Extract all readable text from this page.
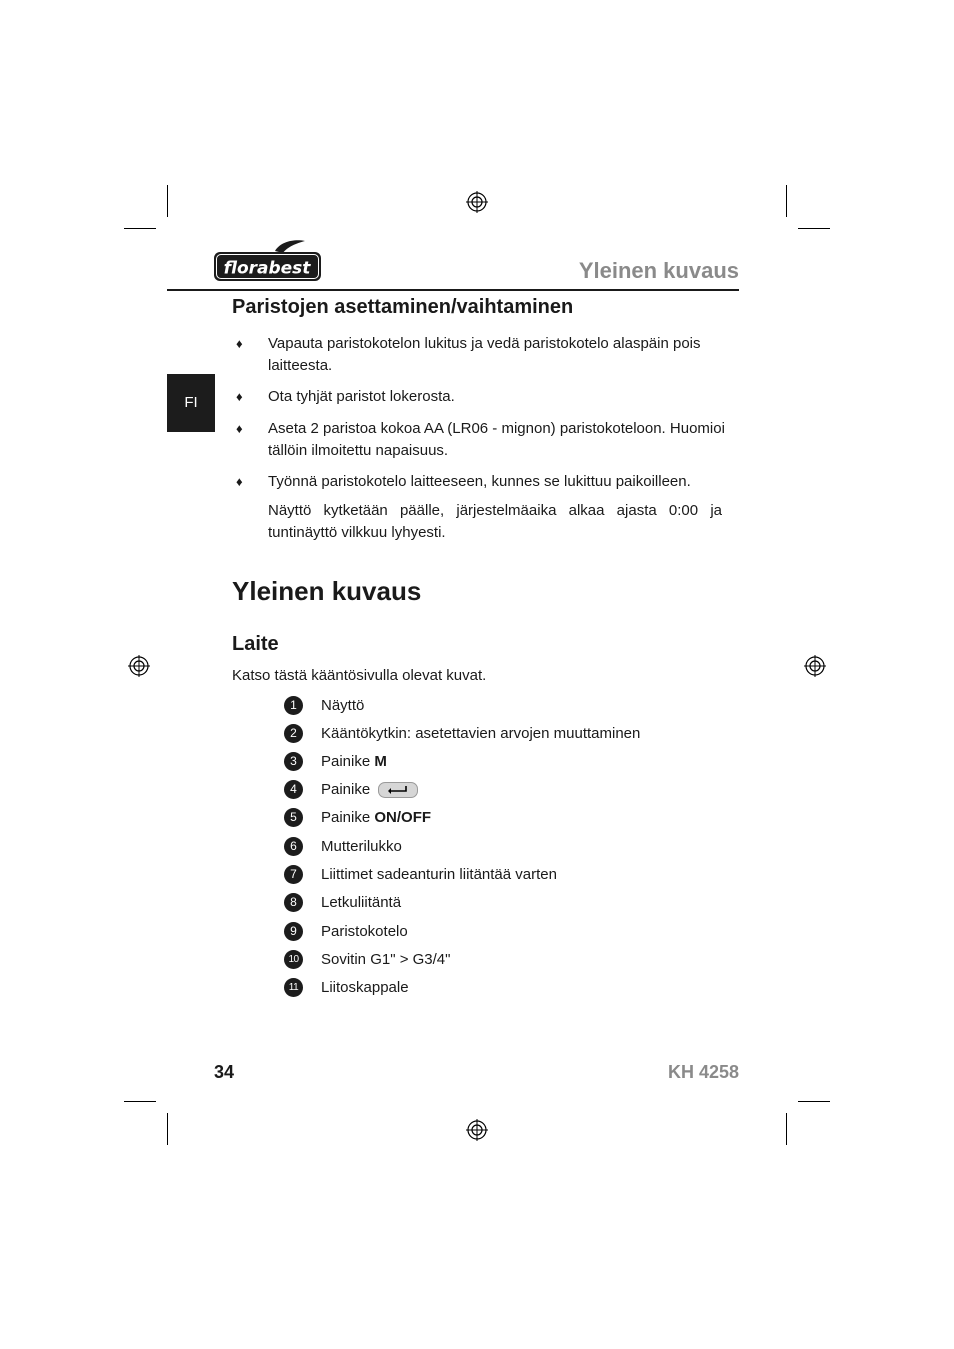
florabest	Yleinen kuvaus
FI
Paristojen asettaminen/vaihtaminen
♦ Vapauta paristokotelon lukitus ja vedä paristokotelo alaspäin pois laitteesta.
♦ Ota tyhjät paristot lokerosta.
♦ Aseta 2 paristoa kokoa AA (LR06 - mignon) paristokoteloon. Huomioi tällöin ilmoitettu napaisuus.
♦ Työnnä paristokotelo laitteeseen, kunnes se lukittuu paikoilleen.
Näyttö kytketään päälle, järjestelmäaika alkaa ajasta 0:00 ja tuntinäyttö vilkkuu lyhyesti.
Yleinen kuvaus
Laite
Katso tästä kääntösivulla olevat kuvat.
1	Näyttö
2	Kääntökytkin: asetettavien arvojen muuttaminen
3	Painike M
4	Painike
5	Painike ON/OFF
6	Mutterilukko
7	Liittimet sadeanturin liitäntää varten
8	Letkuliitäntä
9	Paristokotelo
10 Sovitin G1" > G3/4"
11	Liitoskappale
34	KH 4258
